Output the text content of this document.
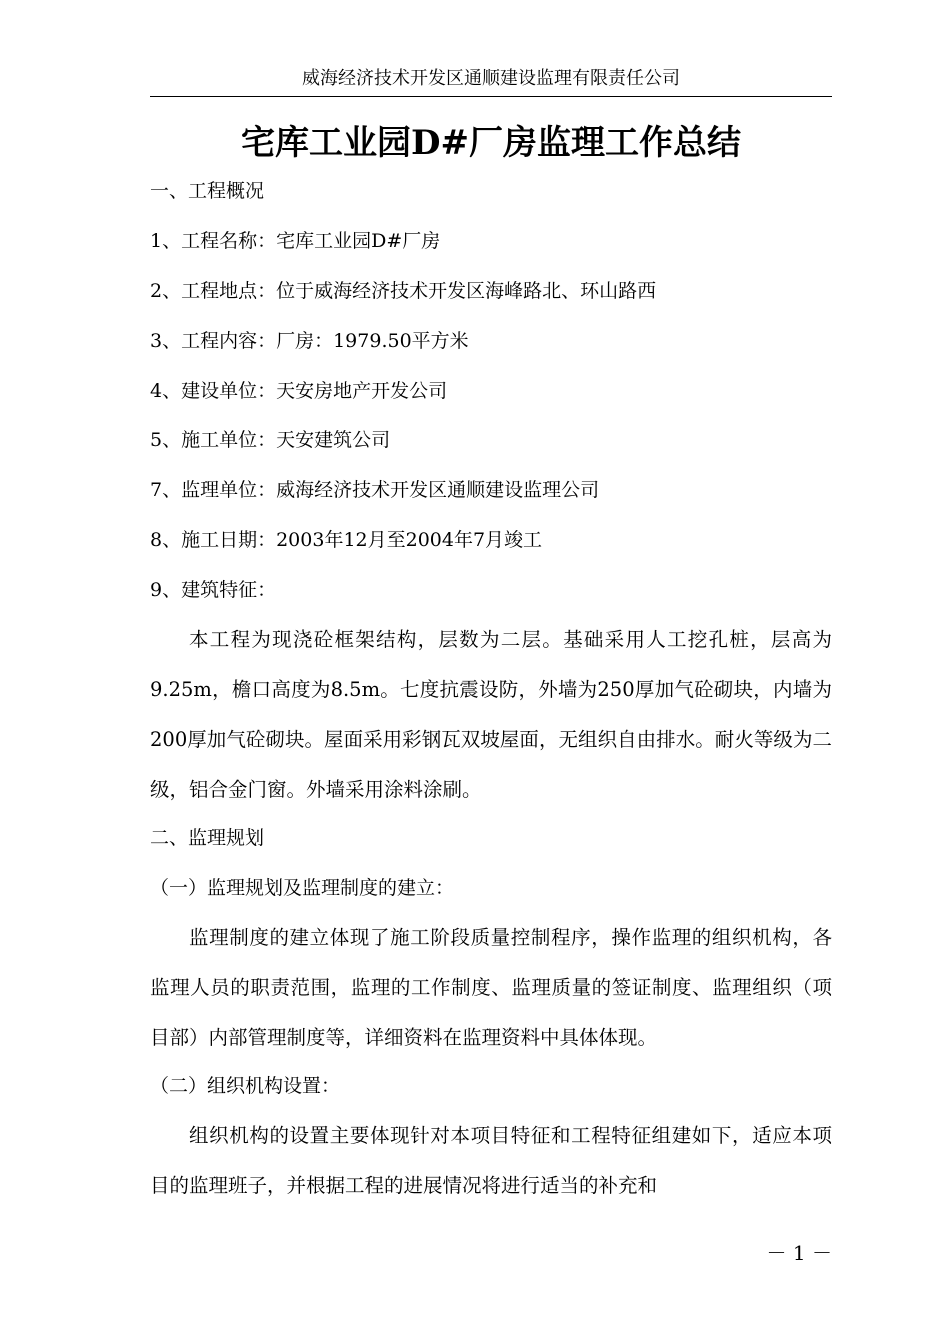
威海经济技术开发区通顺建设监理有限责任公司
宅库工业园D#厂房监理工作总结
一、工程概况
1、工程名称：宅库工业园D#厂房
2、工程地点：位于威海经济技术开发区海峰路北、环山路西
3、工程内容：厂房：1979.50平方米
4、建设单位：天安房地产开发公司
5、施工单位：天安建筑公司
7、监理单位：威海经济技术开发区通顺建设监理公司
8、施工日期：2003年12月至2004年7月竣工
9、建筑特征：
本工程为现浇砼框架结构，层数为二层。基础采用人工挖孔桩，层高为9.25m，檐口高度为8.5m。七度抗震设防，外墙为250厚加气砼砌块，内墙为200厚加气砼砌块。屋面采用彩钢瓦双坡屋面，无组织自由排水。耐火等级为二级，铝合金门窗。外墙采用涂料涂刷。
二、监理规划
（一）监理规划及监理制度的建立：
监理制度的建立体现了施工阶段质量控制程序，操作监理的组织机构，各监理人员的职责范围，监理的工作制度、监理质量的签证制度、监理组织（项目部）内部管理制度等，详细资料在监理资料中具体体现。
（二）组织机构设置：
组织机构的设置主要体现针对本项目特征和工程特征组建如下，适应本项目的监理班子，并根据工程的进展情况将进行适当的补充和
－ 1 －
